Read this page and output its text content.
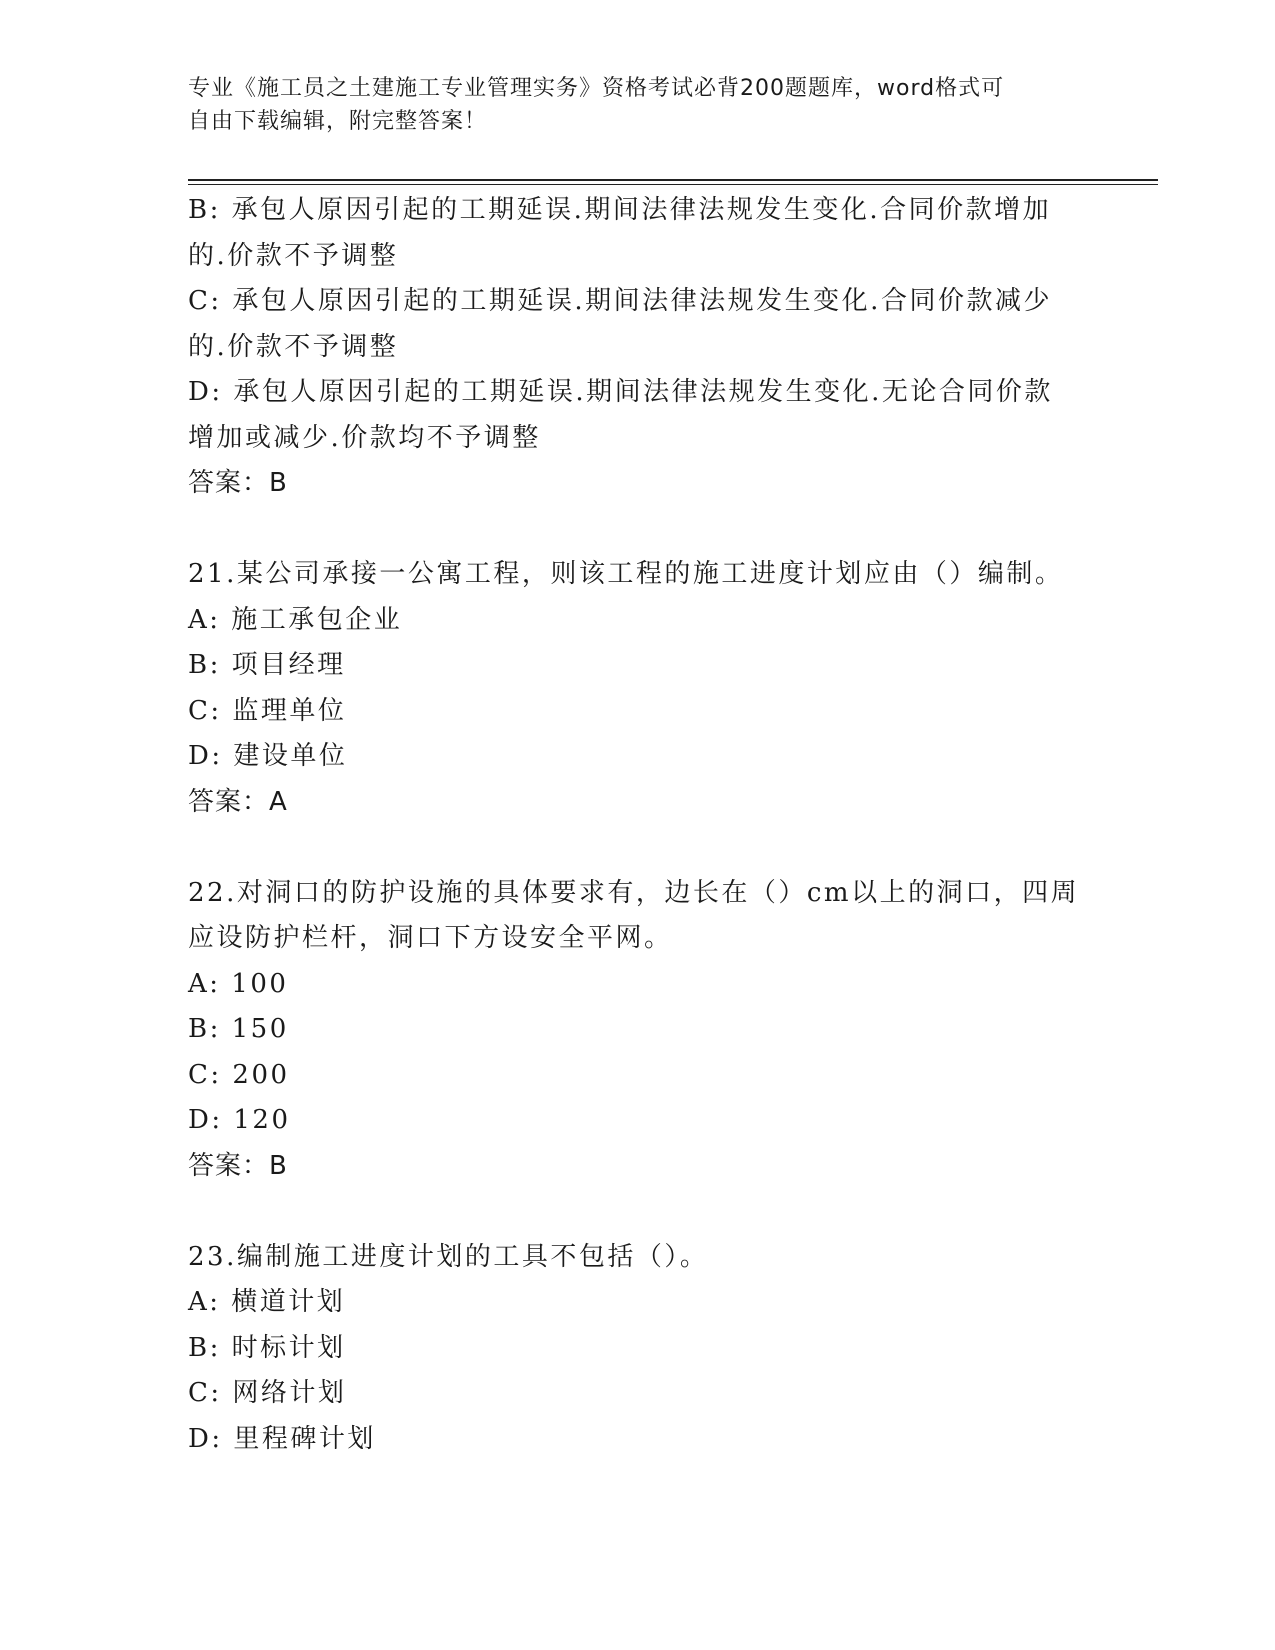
专业《施工员之土建施工专业管理实务》资格考试必背200题题库，word格式可
自由下载编辑，附完整答案！
B: 承包人原因引起的工期延误.期间法律法规发生变化.合同价款增加
的.价款不予调整
C: 承包人原因引起的工期延误.期间法律法规发生变化.合同价款减少
的.价款不予调整
D: 承包人原因引起的工期延误.期间法律法规发生变化.无论合同价款
增加或减少.价款均不予调整
答案：B
21.某公司承接一公寓工程，则该工程的施工进度计划应由（）编制。
A: 施工承包企业
B: 项目经理
C: 监理单位
D: 建设单位
答案：A
22.对洞口的防护设施的具体要求有，边长在（）cm以上的洞口，四周
应设防护栏杆，洞口下方设安全平网。
A: 100
B: 150
C: 200
D: 120
答案：B
23.编制施工进度计划的工具不包括（）。
A: 横道计划
B: 时标计划
C: 网络计划
D: 里程碑计划
